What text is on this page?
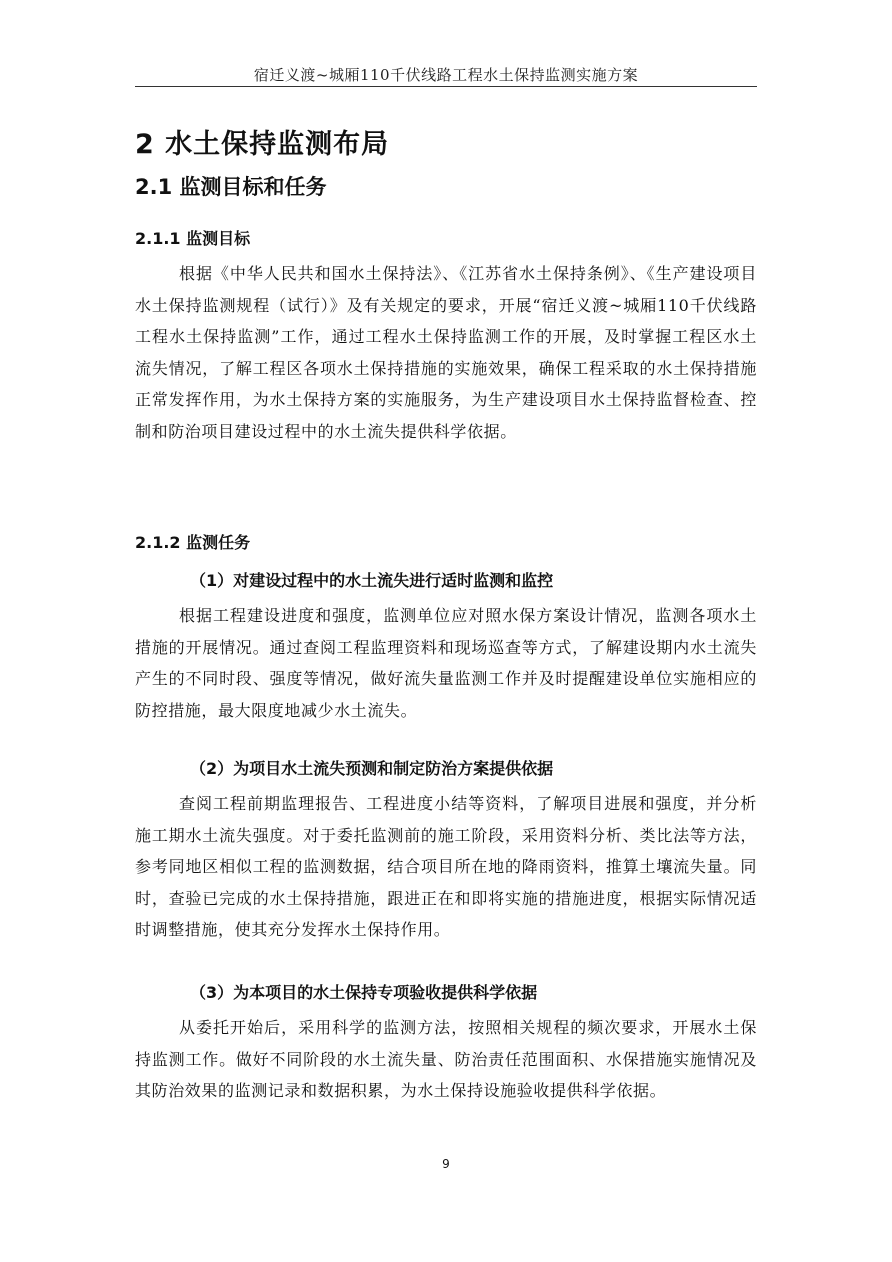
宿迁义渡~城厢110千伏线路工程水土保持监测实施方案
2 水土保持监测布局
2.1 监测目标和任务
2.1.1 监测目标

根据《中华人民共和国水土保持法》、《江苏省水土保持条例》、《生产建设项目水土保持监测规程（试行）》及有关规定的要求，开展“宿迁义渡~城厢110千伏线路工程水土保持监测”工作，通过工程水土保持监测工作的开展，及时掌握工程区水土流失情况，了解工程区各项水土保持措施的实施效果，确保工程采取的水土保持措施正常发挥作用，为水土保持方案的实施服务，为生产建设项目水土保持监督检查、控制和防治项目建设过程中的水土流失提供科学依据。

2.1.2 监测任务
（1）对建设过程中的水土流失进行适时监测和监控

根据工程建设进度和强度，监测单位应对照水保方案设计情况，监测各项水土措施的开展情况。通过查阅工程监理资料和现场巡查等方式，了解建设期内水土流失产生的不同时段、强度等情况，做好流失量监测工作并及时提醒建设单位实施相应的防控措施，最大限度地减少水土流失。

（2）为项目水土流失预测和制定防治方案提供依据

查阅工程前期监理报告、工程进度小结等资料，了解项目进展和强度，并分析施工期水土流失强度。对于委托监测前的施工阶段，采用资料分析、类比法等方法，参考同地区相似工程的监测数据，结合项目所在地的降雨资料，推算土壤流失量。同时，查验已完成的水土保持措施，跟进正在和即将实施的措施进度，根据实际情况适时调整措施，使其充分发挥水土保持作用。

（3）为本项目的水土保持专项验收提供科学依据

从委托开始后，采用科学的监测方法，按照相关规程的频次要求，开展水土保持监测工作。做好不同阶段的水土流失量、防治责任范围面积、水保措施实施情况及其防治效果的监测记录和数据积累，为水土保持设施验收提供科学依据。

9
